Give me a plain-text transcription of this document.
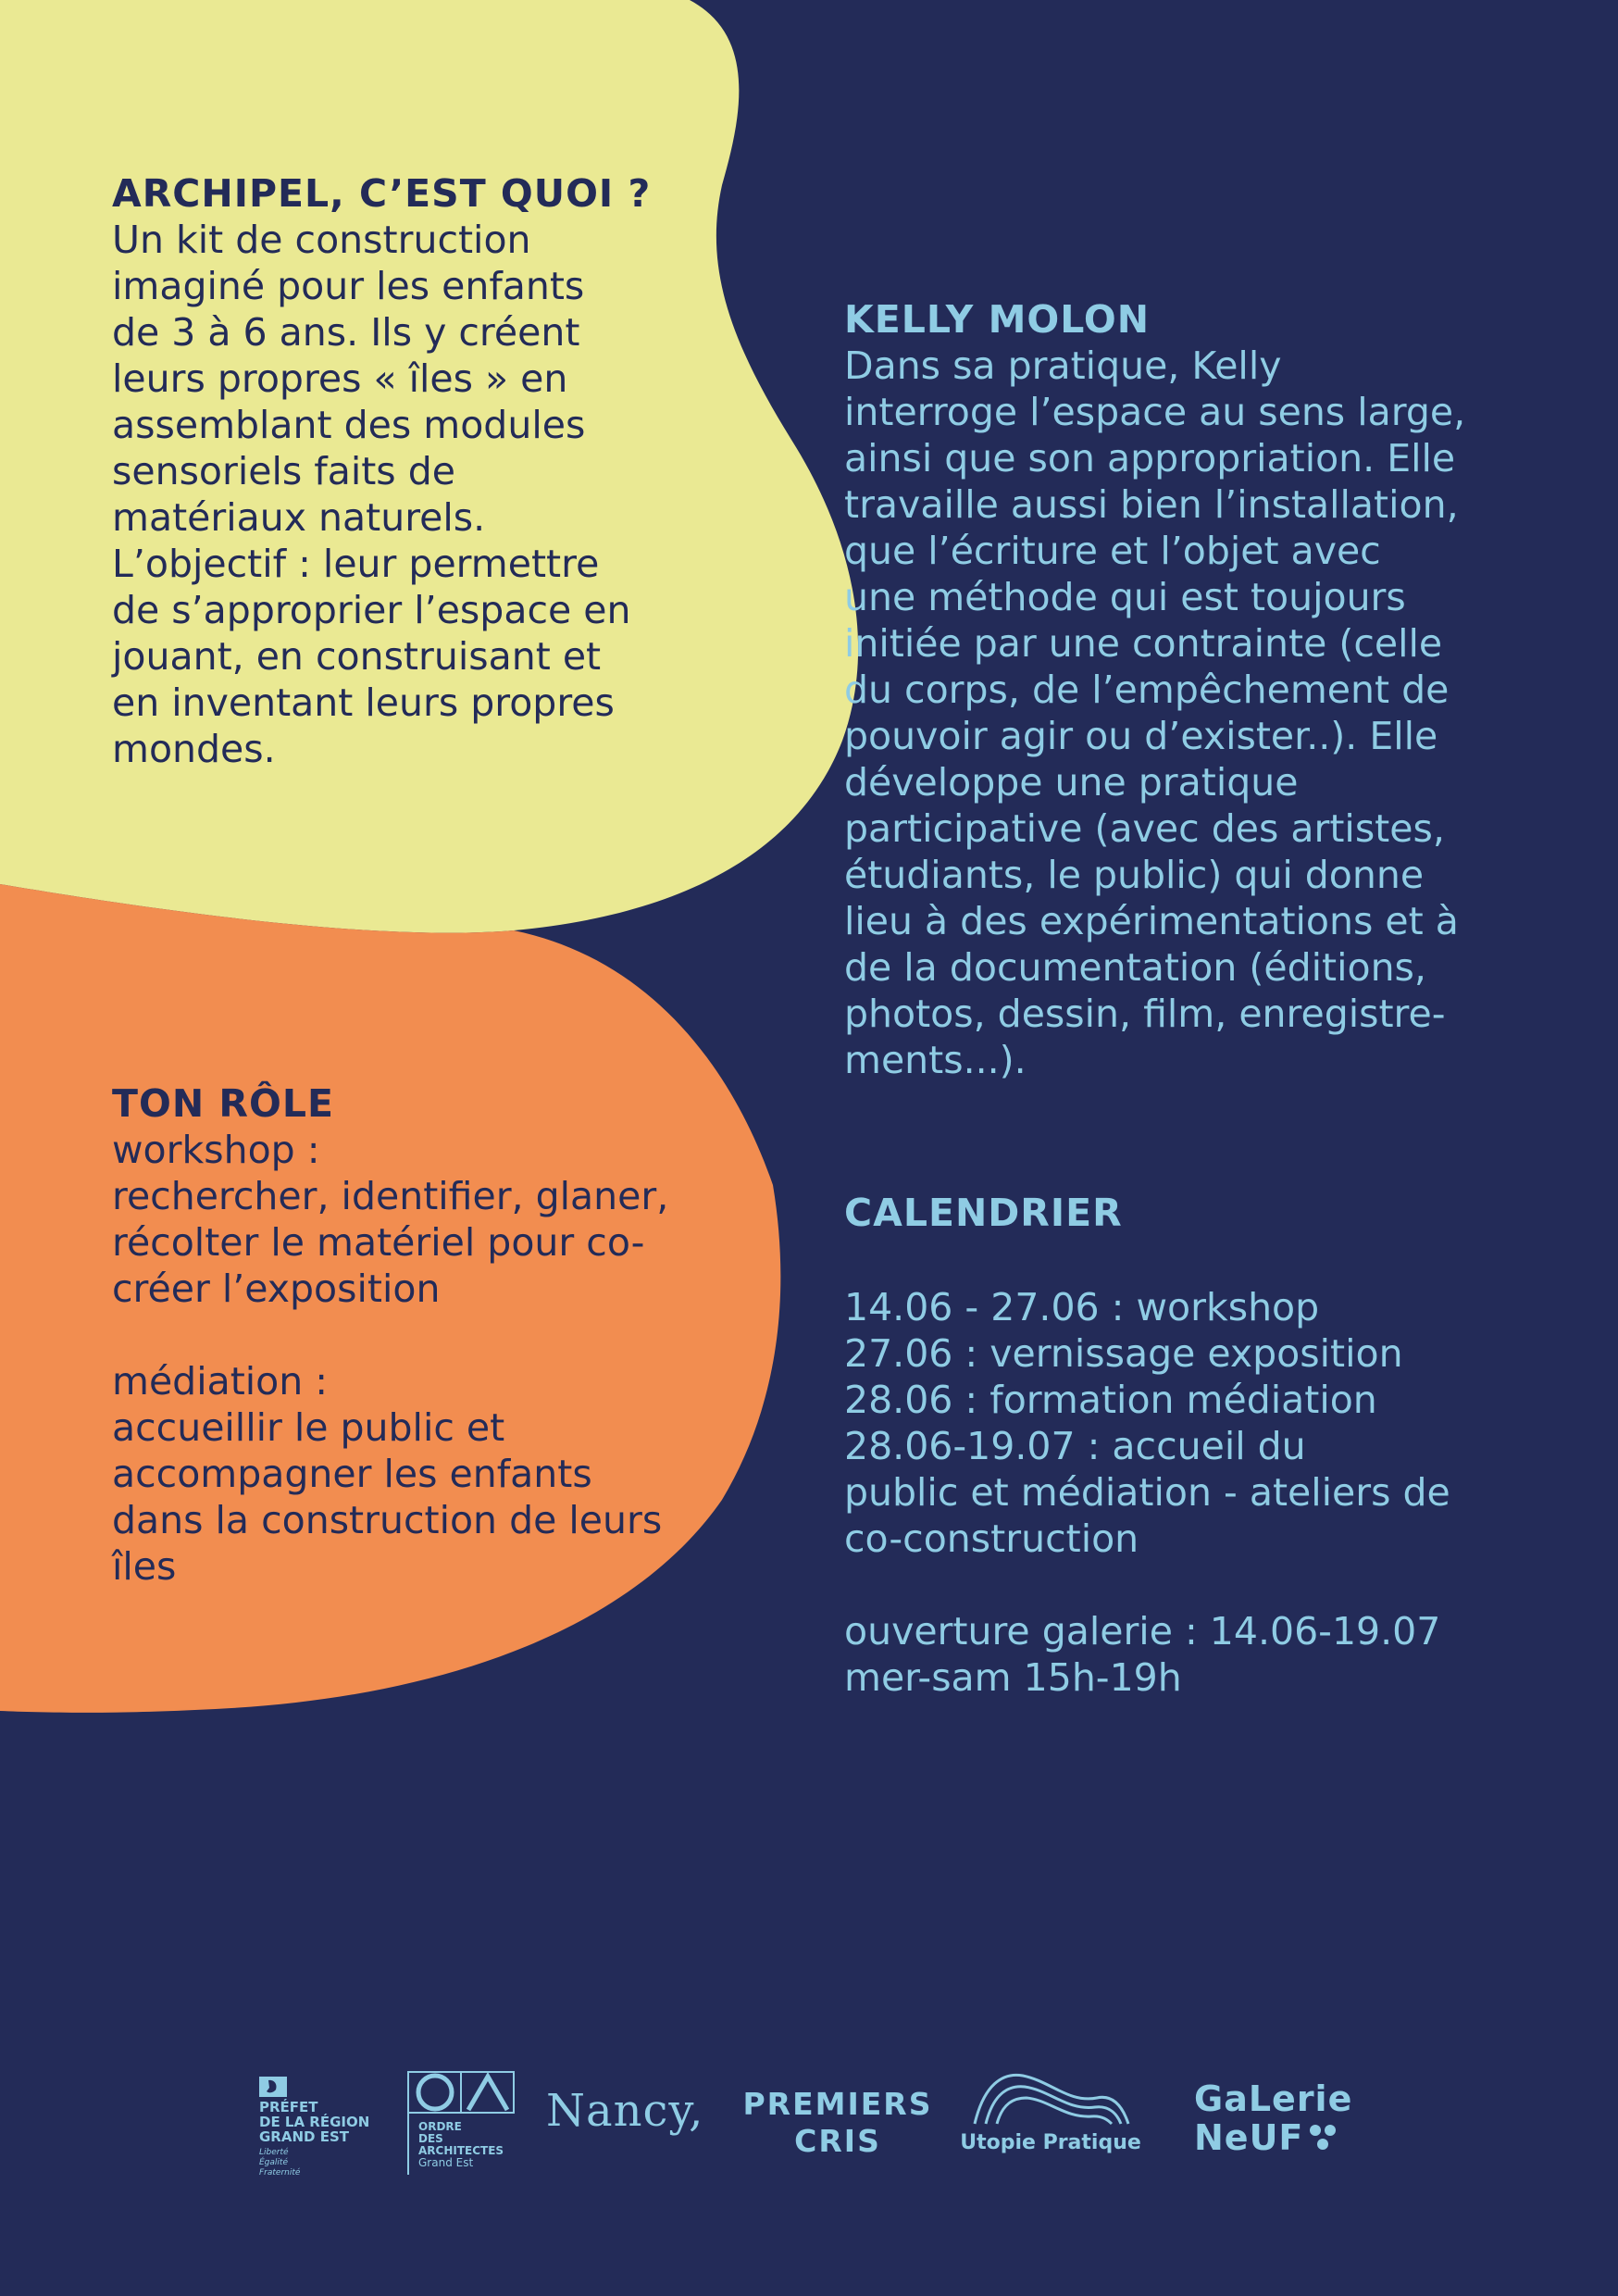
ARCHIPEL, C’EST QUOI ?
Un kit de construction
imaginé pour les enfants
de 3 à 6 ans. Ils y créent
leurs propres « îles » en
assemblant des modules
sensoriels faits de
matériaux naturels.
L’objectif : leur permettre
de s’approprier l’espace en
jouant, en construisant et
en inventant leurs propres
mondes.
KELLY MOLON
Dans sa pratique, Kelly
interroge l’espace au sens large,
ainsi que son appropriation. Elle
travaille aussi bien l’installation,
que l’écriture et l’objet avec
une méthode qui est toujours
initiée par une contrainte (celle
du corps, de l’empêchement de
pouvoir agir ou d’exister..). Elle
développe une pratique
participative (avec des artistes,
étudiants, le public) qui donne
lieu à des expérimentations et à
de la documentation (éditions,
photos, dessin, film, enregistre-
ments...).
TON RÔLE
workshop :
rechercher, identifier, glaner,
récolter le matériel pour co-
créer l’exposition
médiation :
accueillir le public et
accompagner les enfants
dans la construction de leurs
îles
CALENDRIER
14.06 - 27.06 : workshop
27.06 : vernissage exposition
28.06 : formation médiation
28.06-19.07 : accueil du
public et médiation - ateliers de
co-construction
ouverture galerie : 14.06-19.07
mer-sam 15h-19h
PRÉFET
DE LA RÉGION
GRAND EST
Liberté
Égalité
Fraternité
ORDRE
DES
ARCHITECTES
Grand Est
Nancy, PREMIERS
CRIS	Utopie Pratique
GaLerie
NeUF
